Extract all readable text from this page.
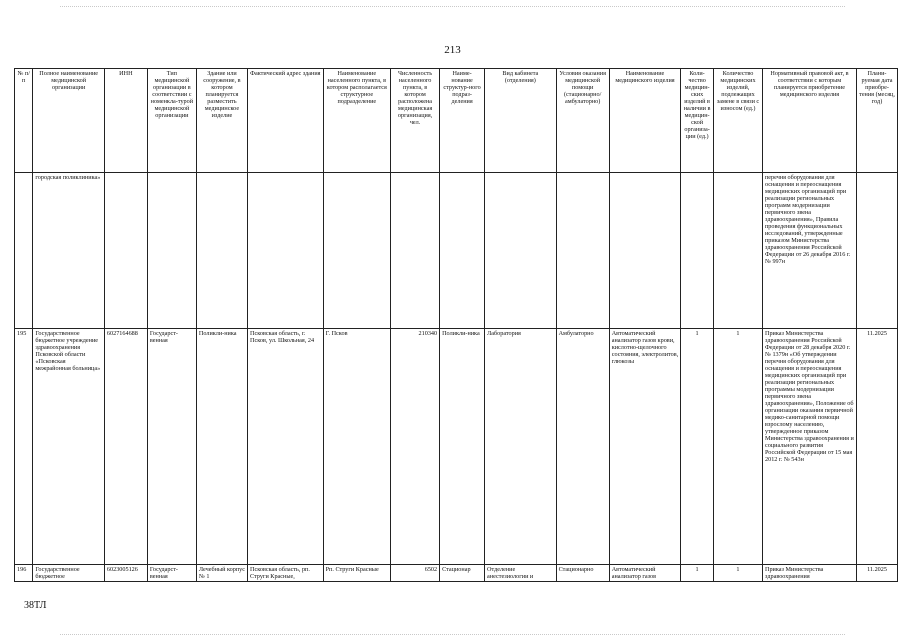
213
№ п/п	Полное наименование медицинской организации	ИНН	Тип медицинской организации в соответствии с номенкла-турой медицинской организации	Здание или сооружение, в котором планируется разместить медицинское изделие	Фактический адрес здания	Наименование населенного пункта, в котором располагается структурное подразделение	Численность населенного пункта, в котором расположена медицинская организация, чел.	Наиме-нование структур-ного подраз-деления	Вид кабинета (отделения)	Условия оказания медицинской помощи (стационарно/ амбулаторно)	Наименование медицинского изделия	Коли-чество медицин-ских изделий в наличии в медицин-ской организа-ции (ед.)	Количество медицинских изделий, подлежащих замене в связи с износом (ед.)	Нормативный правовой акт, в соответствии с которым планируется приобретение медицинского изделия	Плани-руемая дата приобре-тения (месяц, год)
	городская поликлиника»													перечня оборудования для оснащения и переоснащения медицинских организаций при реализации региональных программ модернизации первичного звена здравоохранения», Правила проведения функциональных исследований, утвержденные приказом Министерства здравоохранения Российской Федерации от 26 декабря 2016 г. № 997н	
195	Государственное бюджетное учреждение здравоохранения Псковской области «Псковская межрайонная больница»	6027164688	Государст-венная	Поликли-ника	Псковская область, г. Псков, ул. Школьная, 24	Г. Псков	210340	Поликли-ника	Лаборатория	Амбулаторно	Автоматический анализатор газов крови, кислотно-щелочного состояния, электролитов, глюкозы	1	1	Приказ Министерства здравоохранения Российской Федерации от 28 декабря 2020 г. № 1379н «Об утверждении перечня оборудования для оснащения и переоснащения медицинских организаций при реализации региональных программы модернизации первичного звена здравоохранения», Положение об организации оказания первичной медико-санитарной помощи взрослому населению, утвержденное приказом Министерства здравоохранения и социального развития Российской Федерации от 15 мая 2012 г. № 543н	11.2025
196	Государственное бюджетное	6023005126	Государст-венная	Лечебный корпус № 1	Псковская область, рп. Струги Красные,	Рп. Струги Красные	6502	Стационар	Отделение анестезиологии и	Стационарно	Автоматический анализатор газов	1	1	Приказ Министерства здравоохранения	11.2025
38ТЛ
